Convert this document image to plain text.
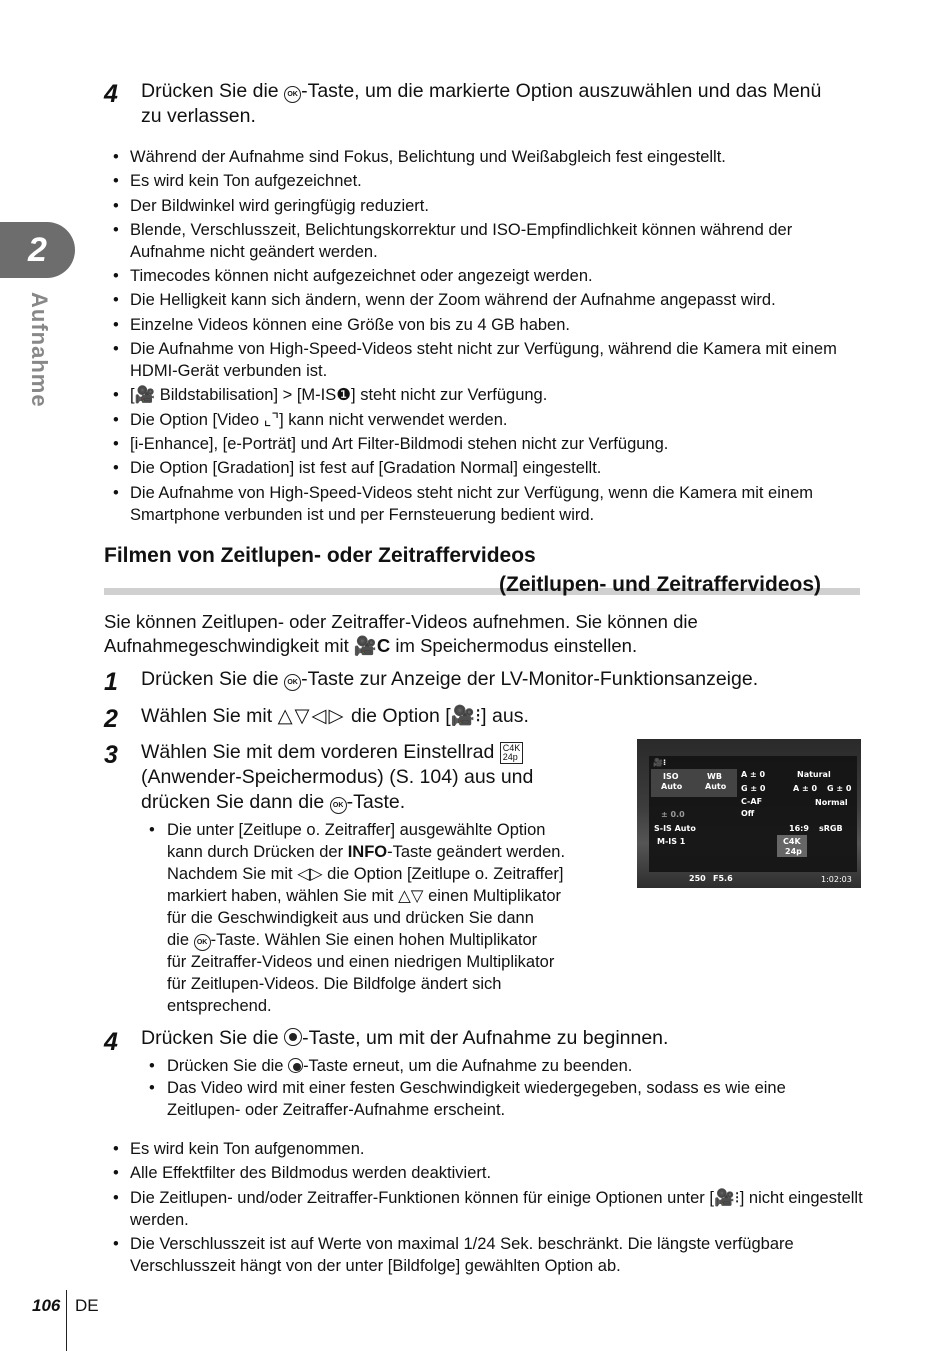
2
Aufnahme
4 Drücken Sie die OK -Taste, um die markierte Option auszuwählen und das Menü zu verlassen.
• Während der Aufnahme sind Fokus, Belichtung und Weißabgleich fest eingestellt.
• Es wird kein Ton aufgezeichnet.
• Der Bildwinkel wird geringfügig reduziert.
• Blende, Verschlusszeit, Belichtungskorrektur und ISO-Empfindlichkeit können während der Aufnahme nicht geändert werden.
• Timecodes können nicht aufgezeichnet oder angezeigt werden.
• Die Helligkeit kann sich ändern, wenn der Zoom während der Aufnahme angepasst wird.
• Einzelne Videos können eine Größe von bis zu 4 GB haben.
• Die Aufnahme von High-Speed-Videos steht nicht zur Verfügung, während die Kamera mit einem HDMI-Gerät verbunden ist.
• [🎥 Bildstabilisation] > [M-IS❶] steht nicht zur Verfügung.
• Die Option [Video ⌞⌝] kann nicht verwendet werden.
• [i-Enhance], [e-Porträt] und Art Filter-Bildmodi stehen nicht zur Verfügung.
• Die Option [Gradation] ist fest auf [Gradation Normal] eingestellt.
• Die Aufnahme von High-Speed-Videos steht nicht zur Verfügung, wenn die Kamera mit einem Smartphone verbunden ist und per Fernsteuerung bedient wird.
Filmen von Zeitlupen- oder Zeitraffervideos
(Zeitlupen- und Zeitraffervideos)
Sie können Zeitlupen- oder Zeitraffer-Videos aufnehmen. Sie können die
Aufnahmegeschwindigkeit mit 🎥C im Speichermodus einstellen.
1 Drücken Sie die OK -Taste zur Anzeige der LV-Monitor-Funktionsanzeige.
2 Wählen Sie mit △▽◁▷ die Option [🎥⁝] aus.
3 Wählen Sie mit dem vorderen Einstellrad C4K
24p
(Anwender-Speichermodus) (S. 104) aus und
drücken Sie dann die OK -Taste.
• Die unter [Zeitlupe o. Zeitraffer] ausgewählte Option
kann durch Drücken der INFO-Taste geändert werden.
Nachdem Sie mit ◁▷ die Option [Zeitlupe o. Zeitraffer]
markiert haben, wählen Sie mit △▽ einen Multiplikator
für die Geschwindigkeit aus und drücken Sie dann
die OK -Taste. Wählen Sie einen hohen Multiplikator
für Zeitraffer-Videos und einen niedrigen Multiplikator
für Zeitlupen-Videos. Die Bildfolge ändert sich
entsprechend.
🎥⁝
ISO
Auto
WB
Auto
A ± 0
G ± 0
Natural
A ± 0 G ± 0
C-AF
Off
Normal
± 0.0
S-IS Auto	16:9 sRGB
M-IS 1	C4K
24p
250 F5.6	1:02:03
4 Drücken Sie die -Taste, um mit der Aufnahme zu beginnen.
• Drücken Sie die -Taste erneut, um die Aufnahme zu beenden.
• Das Video wird mit einer festen Geschwindigkeit wiedergegeben, sodass es wie eine Zeitlupen- oder Zeitraffer-Aufnahme erscheint.
• Es wird kein Ton aufgenommen.
• Alle Effektfilter des Bildmodus werden deaktiviert.
• Die Zeitlupen- und/oder Zeitraffer-Funktionen können für einige Optionen unter [🎥⁝] nicht eingestellt werden.
• Die Verschlusszeit ist auf Werte von maximal 1/24 Sek. beschränkt. Die längste verfügbare Verschlusszeit hängt von der unter [Bildfolge] gewählten Option ab.
106 DE
